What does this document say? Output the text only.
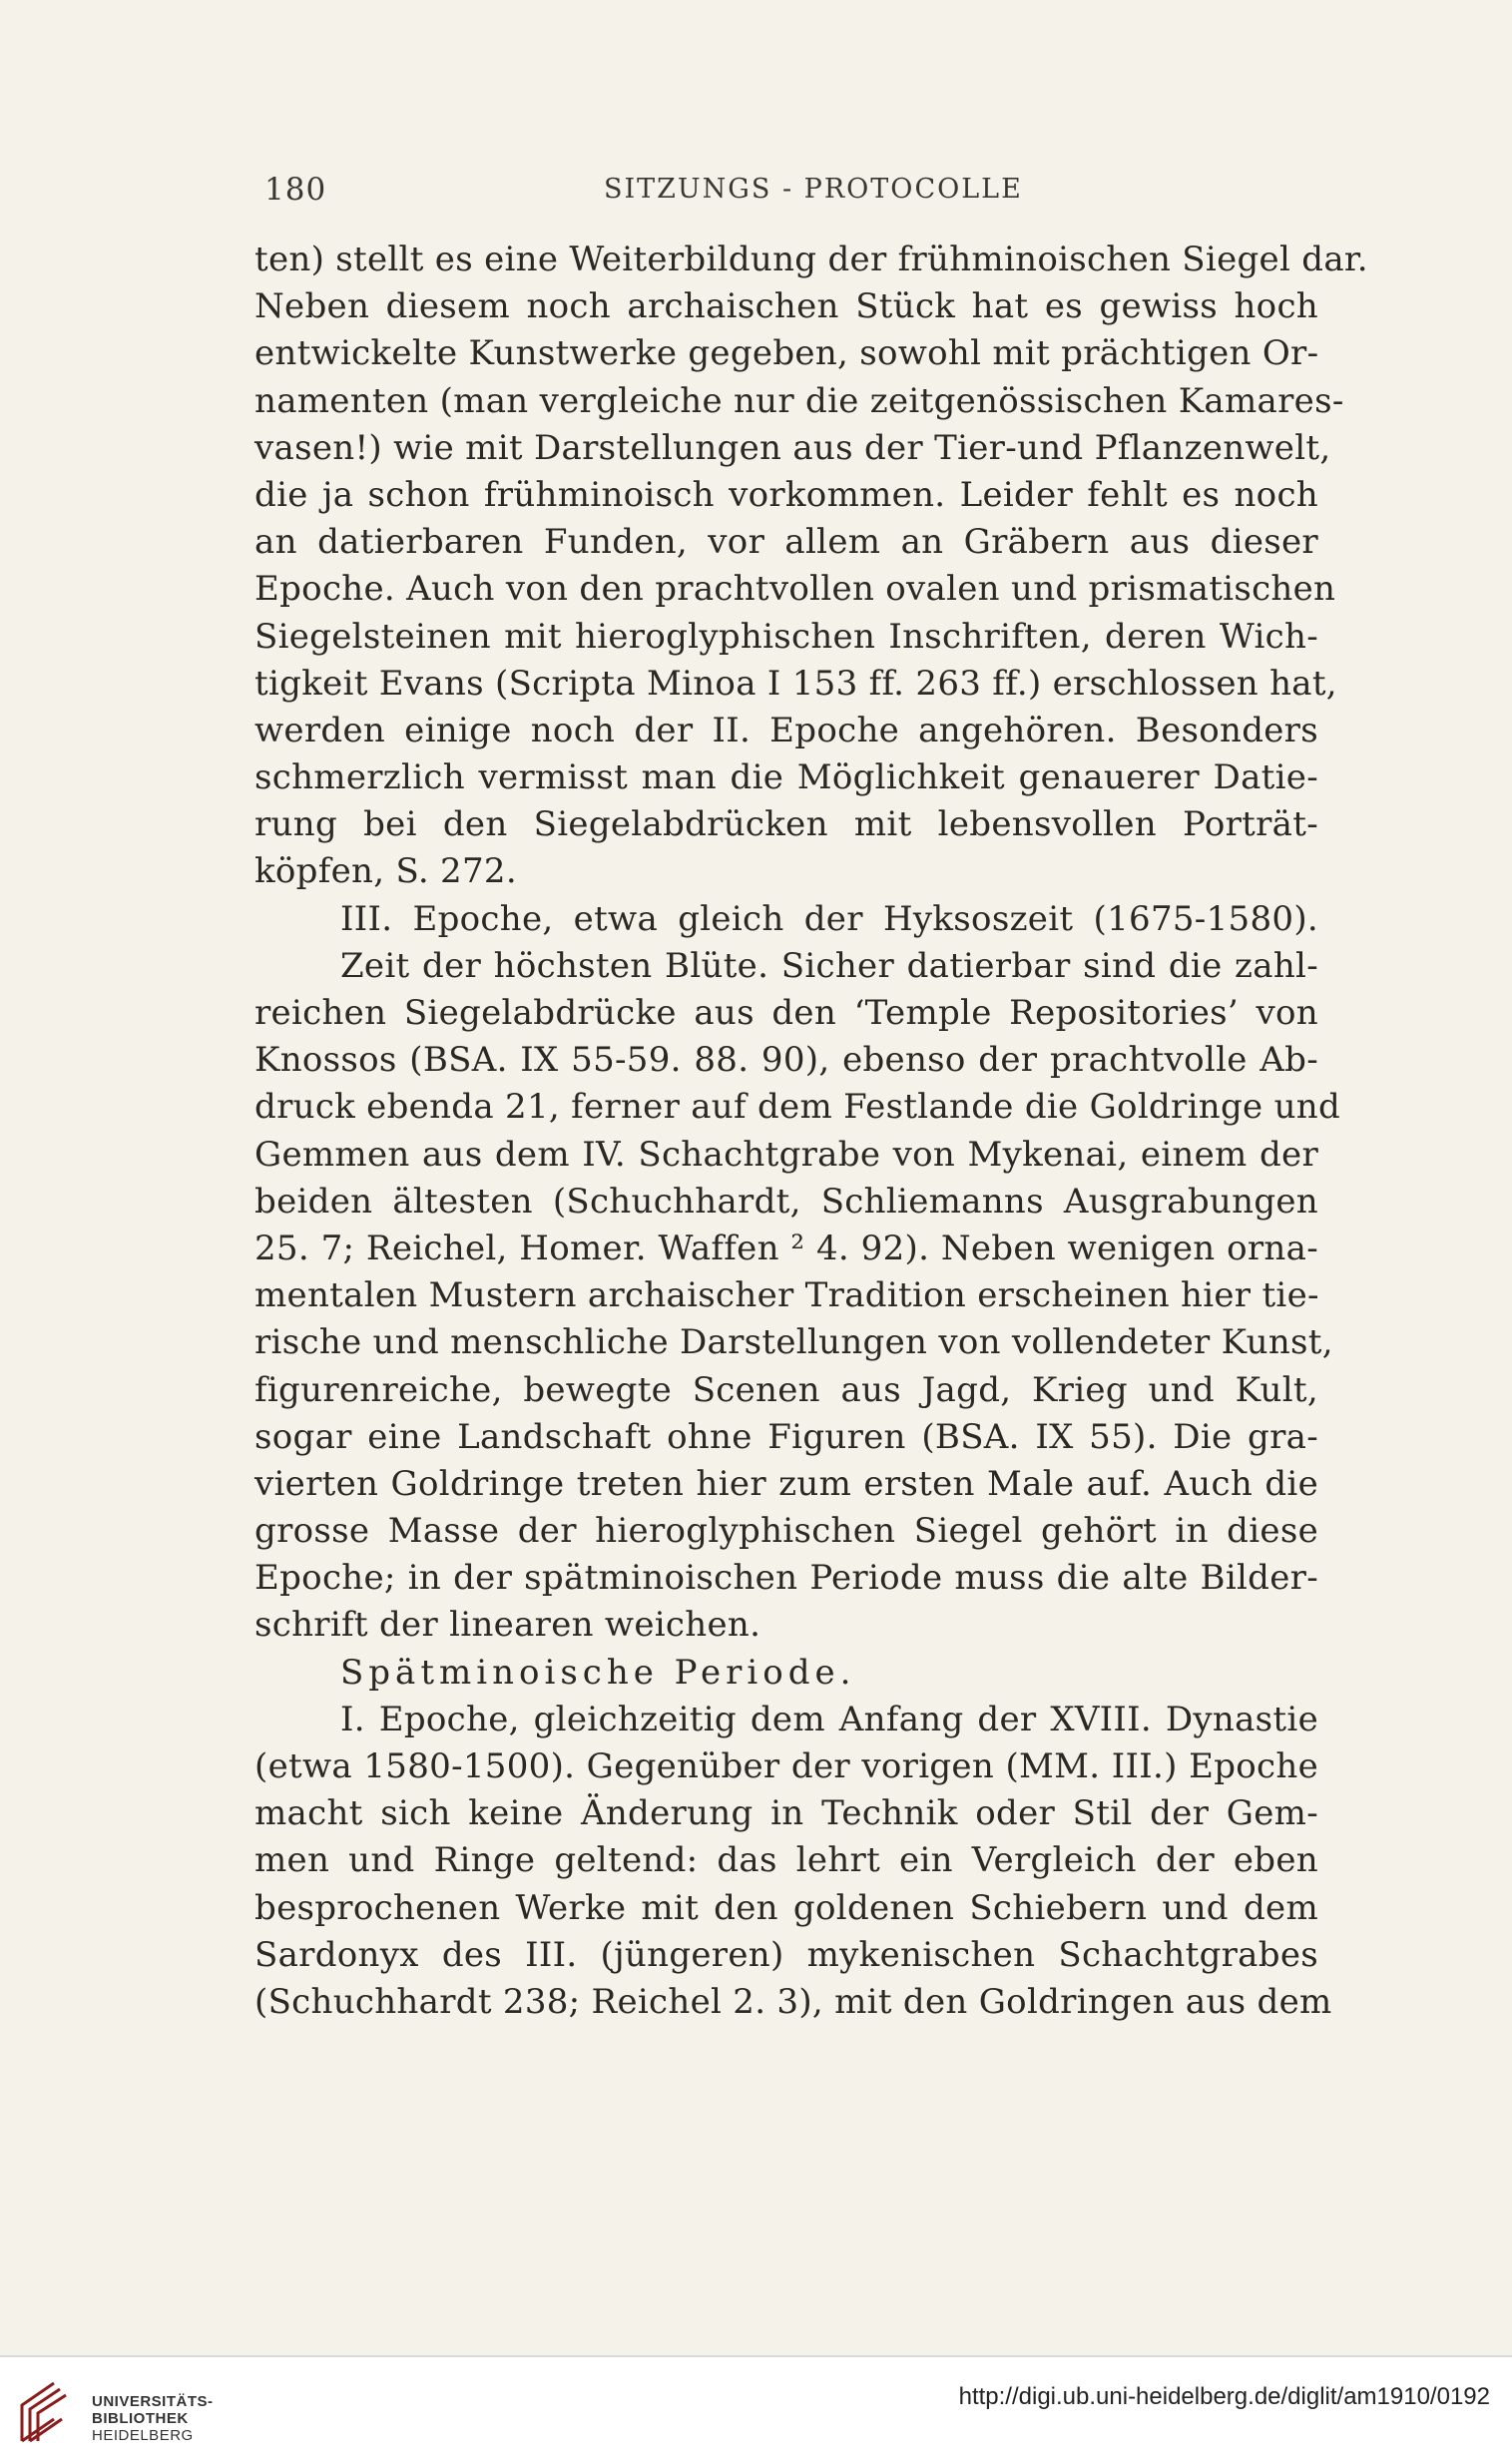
180	SITZUNGS - PROTOCOLLE
ten) stellt es eine Weiterbildung der frühminoischen Siegel dar.
Neben diesem noch archaischen Stück hat es gewiss hoch
entwickelte Kunstwerke gegeben, sowohl mit prächtigen Or-
namenten (man vergleiche nur die zeitgenössischen Kamares-
vasen!) wie mit Darstellungen aus der Tier-und Pflanzenwelt,
die ja schon frühminoisch vorkommen. Leider fehlt es noch
an datierbaren Funden, vor allem an Gräbern aus dieser
Epoche. Auch von den prachtvollen ovalen und prismatischen
Siegelsteinen mit hieroglyphischen Inschriften, deren Wich-
tigkeit Evans (Scripta Minoa I 153 ff. 263 ff.) erschlossen hat,
werden einige noch der II. Epoche angehören. Besonders
schmerzlich vermisst man die Möglichkeit genauerer Datie-
rung bei den Siegelabdrücken mit lebensvollen Porträt-
köpfen, S. 272.
III. Epoche, etwa gleich der Hyksoszeit (1675-1580).
Zeit der höchsten Blüte. Sicher datierbar sind die zahl-
reichen Siegelabdrücke aus den ‘Temple Repositories’ von
Knossos (BSA. IX 55-59. 88. 90), ebenso der prachtvolle Ab-
druck ebenda 21, ferner auf dem Festlande die Goldringe und
Gemmen aus dem IV. Schachtgrabe von Mykenai, einem der
beiden ältesten (Schuchhardt, Schliemanns Ausgrabungen
25. 7; Reichel, Homer. Waffen ² 4. 92). Neben wenigen orna-
mentalen Mustern archaischer Tradition erscheinen hier tie-
rische und menschliche Darstellungen von vollendeter Kunst,
figurenreiche, bewegte Scenen aus Jagd, Krieg und Kult,
sogar eine Landschaft ohne Figuren (BSA. IX 55). Die gra-
vierten Goldringe treten hier zum ersten Male auf. Auch die
grosse Masse der hieroglyphischen Siegel gehört in diese
Epoche; in der spätminoischen Periode muss die alte Bilder-
schrift der linearen weichen.
Spätminoische Periode.
I. Epoche, gleichzeitig dem Anfang der XVIII. Dynastie
(etwa 1580-1500). Gegenüber der vorigen (MM. III.) Epoche
macht sich keine Änderung in Technik oder Stil der Gem-
men und Ringe geltend: das lehrt ein Vergleich der eben
besprochenen Werke mit den goldenen Schiebern und dem
Sardonyx des III. (jüngeren) mykenischen Schachtgrabes
(Schuchhardt 238; Reichel 2. 3), mit den Goldringen aus dem
UNIVERSITÄTS-
BIBLIOTHEK
HEIDELBERG
http://digi.ub.uni-heidelberg.de/diglit/am1910/0192
